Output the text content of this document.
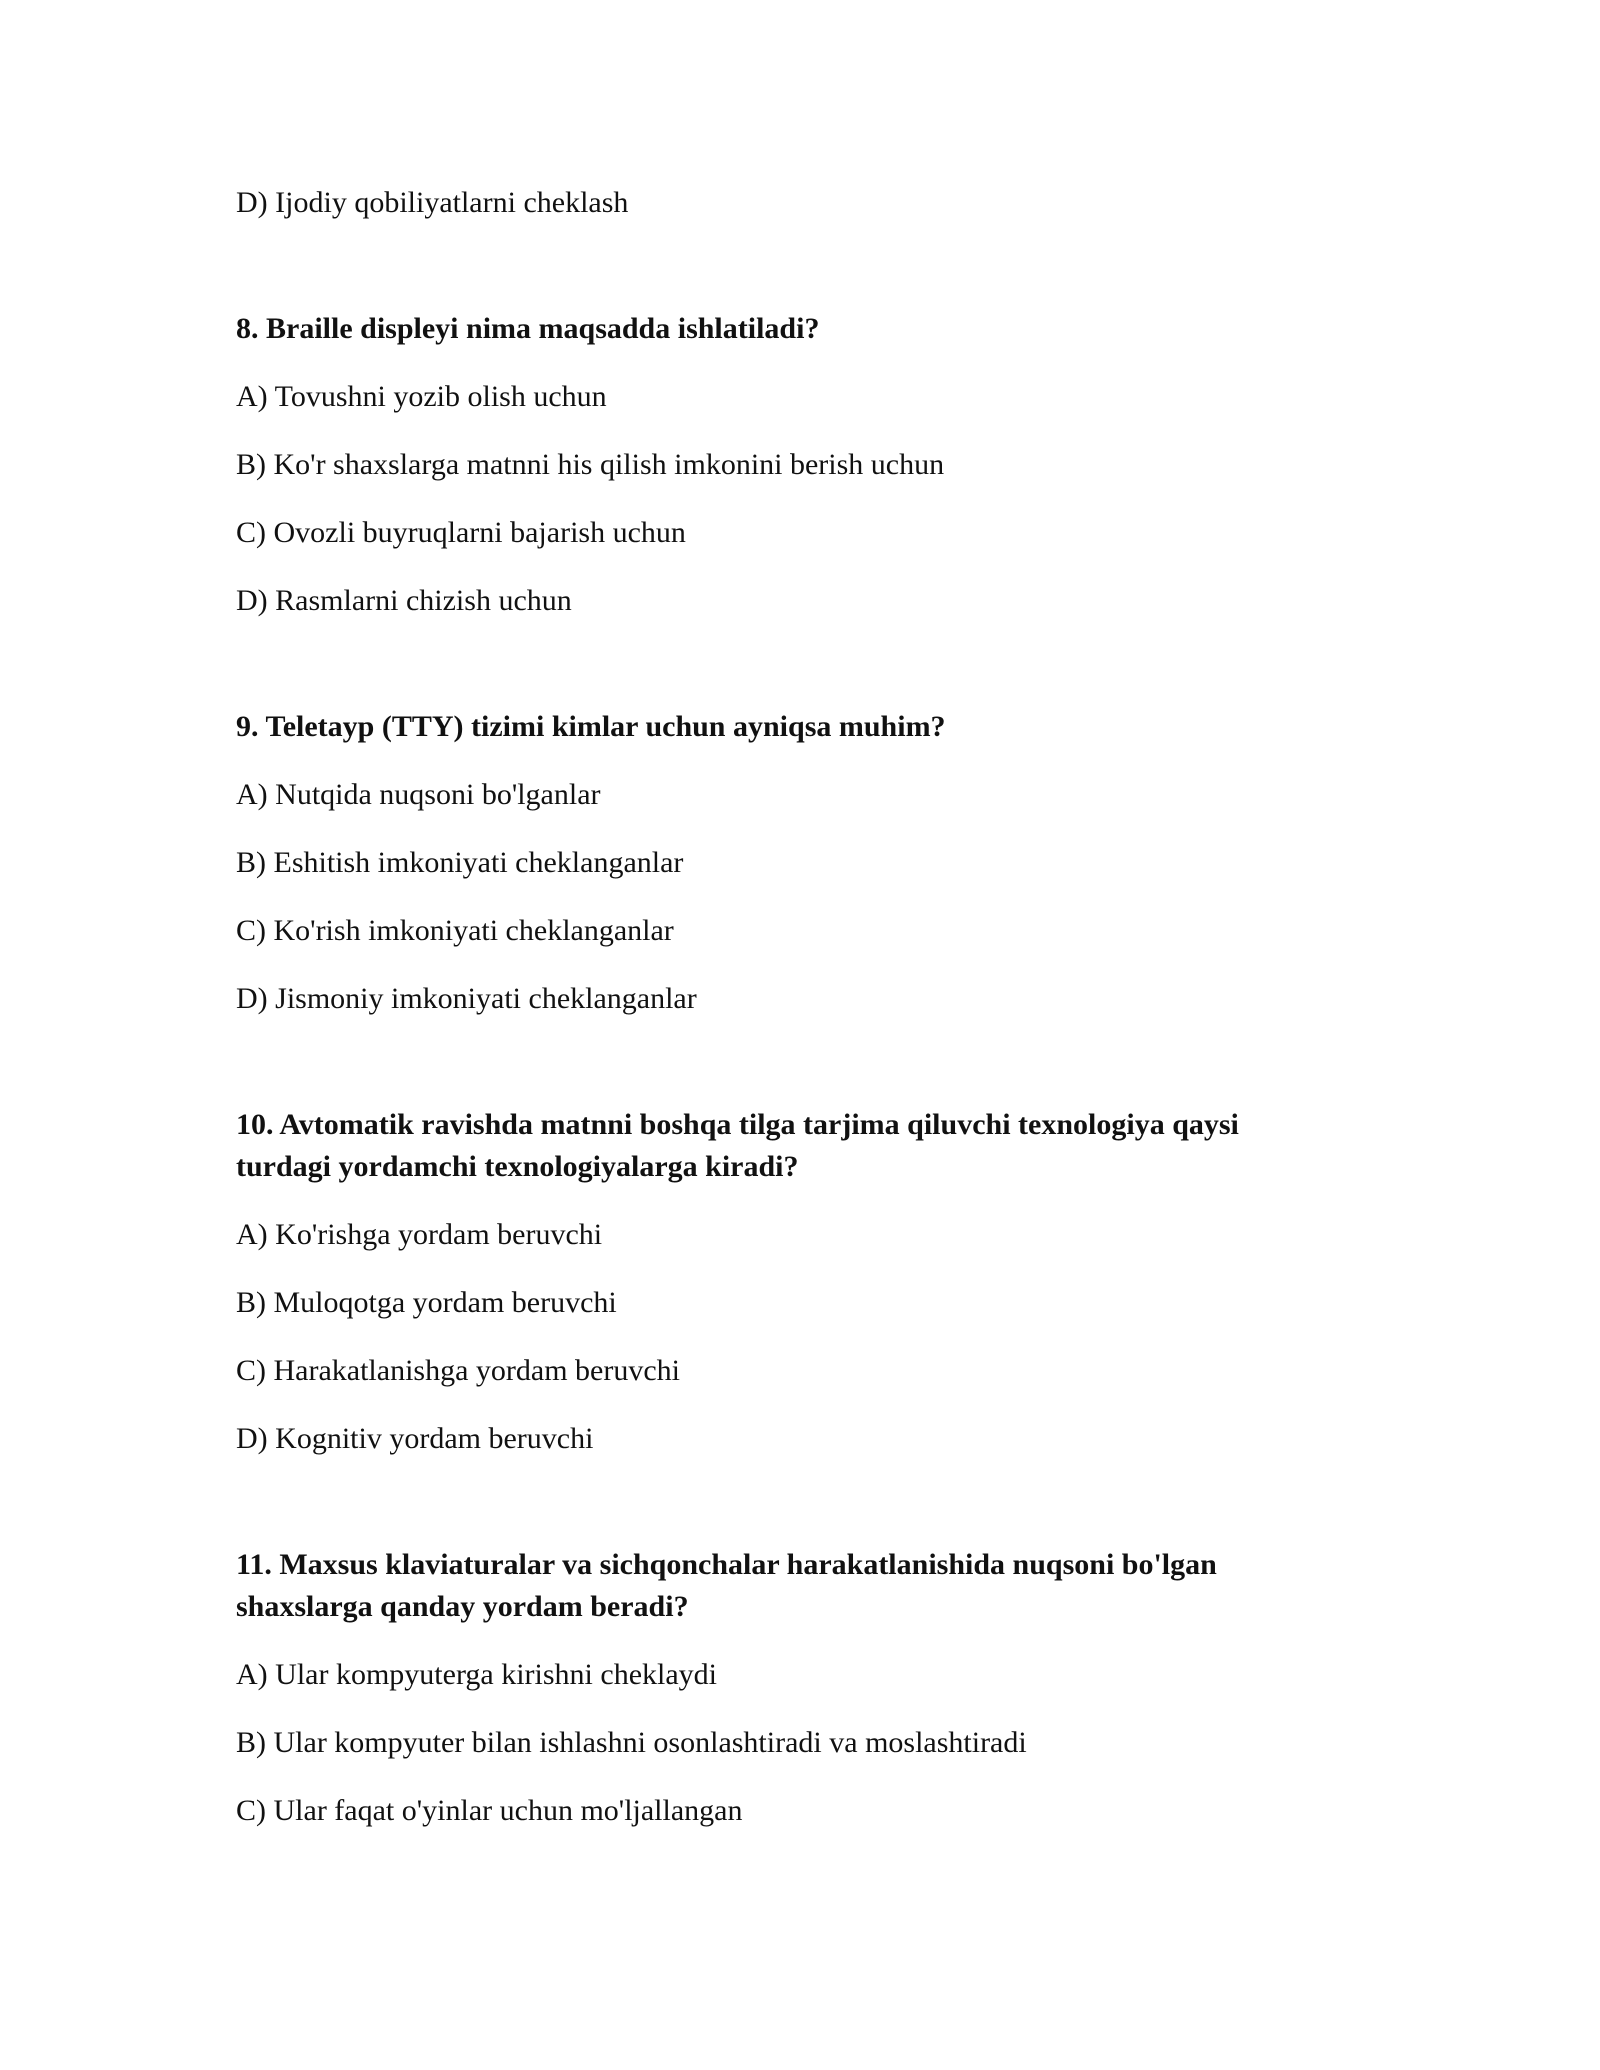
D) Ijodiy qobiliyatlarni cheklash

8. Braille displeyi nima maqsadda ishlatiladi?

A) Tovushni yozib olish uchun

B) Ko'r shaxslarga matnni his qilish imkonini berish uchun

C) Ovozli buyruqlarni bajarish uchun

D) Rasmlarni chizish uchun

9. Teletayp (TTY) tizimi kimlar uchun ayniqsa muhim?

A) Nutqida nuqsoni bo'lganlar

B) Eshitish imkoniyati cheklanganlar

C) Ko'rish imkoniyati cheklanganlar

D) Jismoniy imkoniyati cheklanganlar

10. Avtomatik ravishda matnni boshqa tilga tarjima qiluvchi texnologiya qaysi
turdagi yordamchi texnologiyalarga kiradi?

A) Ko'rishga yordam beruvchi

B) Muloqotga yordam beruvchi

C) Harakatlanishga yordam beruvchi

D) Kognitiv yordam beruvchi

11. Maxsus klaviaturalar va sichqonchalar harakatlanishida nuqsoni bo'lgan
shaxslarga qanday yordam beradi?

A) Ular kompyuterga kirishni cheklaydi

B) Ular kompyuter bilan ishlashni osonlashtiradi va moslashtiradi

C) Ular faqat o'yinlar uchun mo'ljallangan
